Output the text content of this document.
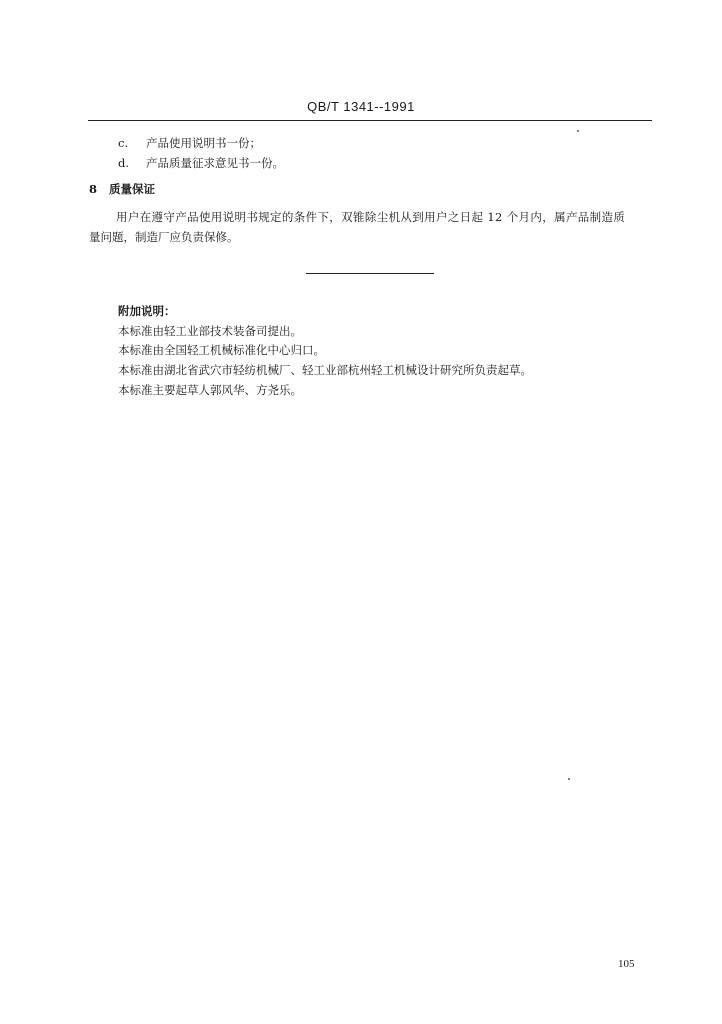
QB/T 1341--1991
c. 产品使用说明书一份；
d. 产品质量征求意见书一份。
8 质量保证
用户在遵守产品使用说明书规定的条件下，双锥除尘机从到用户之日起 12 个月内，属产品制造质
量问题，制造厂应负责保修。
附加说明：
本标准由轻工业部技术装备司提出。
本标准由全国轻工机械标准化中心归口。
本标准由湖北省武穴市轻纺机械厂、轻工业部杭州轻工机械设计研究所负责起草。
本标准主要起草人郭风华、方尧乐。
105
